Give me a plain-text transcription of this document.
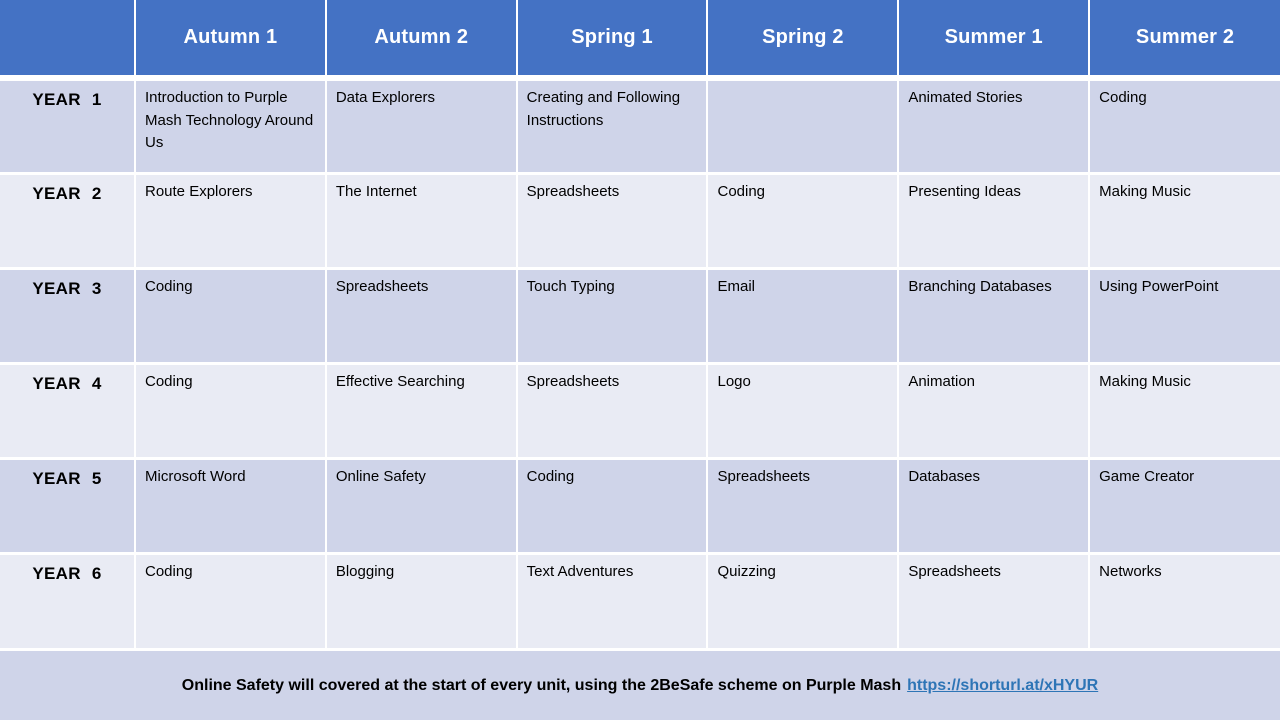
	Autumn 1	Autumn 2	Spring 1	Spring 2	Summer 1	Summer 2
YEAR 1	Introduction to Purple Mash Technology Around Us	Data Explorers	Creating and Following Instructions		Animated Stories	Coding
YEAR 2	Route Explorers	The Internet	Spreadsheets	Coding	Presenting Ideas	Making Music
YEAR 3	Coding	Spreadsheets	Touch Typing	Email	Branching Databases	Using PowerPoint
YEAR 4	Coding	Effective Searching	Spreadsheets	Logo	Animation	Making Music
YEAR 5	Microsoft Word	Online Safety	Coding	Spreadsheets	Databases	Game Creator
YEAR 6	Coding	Blogging	Text Adventures	Quizzing	Spreadsheets	Networks
Online Safety will covered at the start of every unit, using the 2BeSafe scheme on Purple Mash https://shorturl.at/xHYUR
